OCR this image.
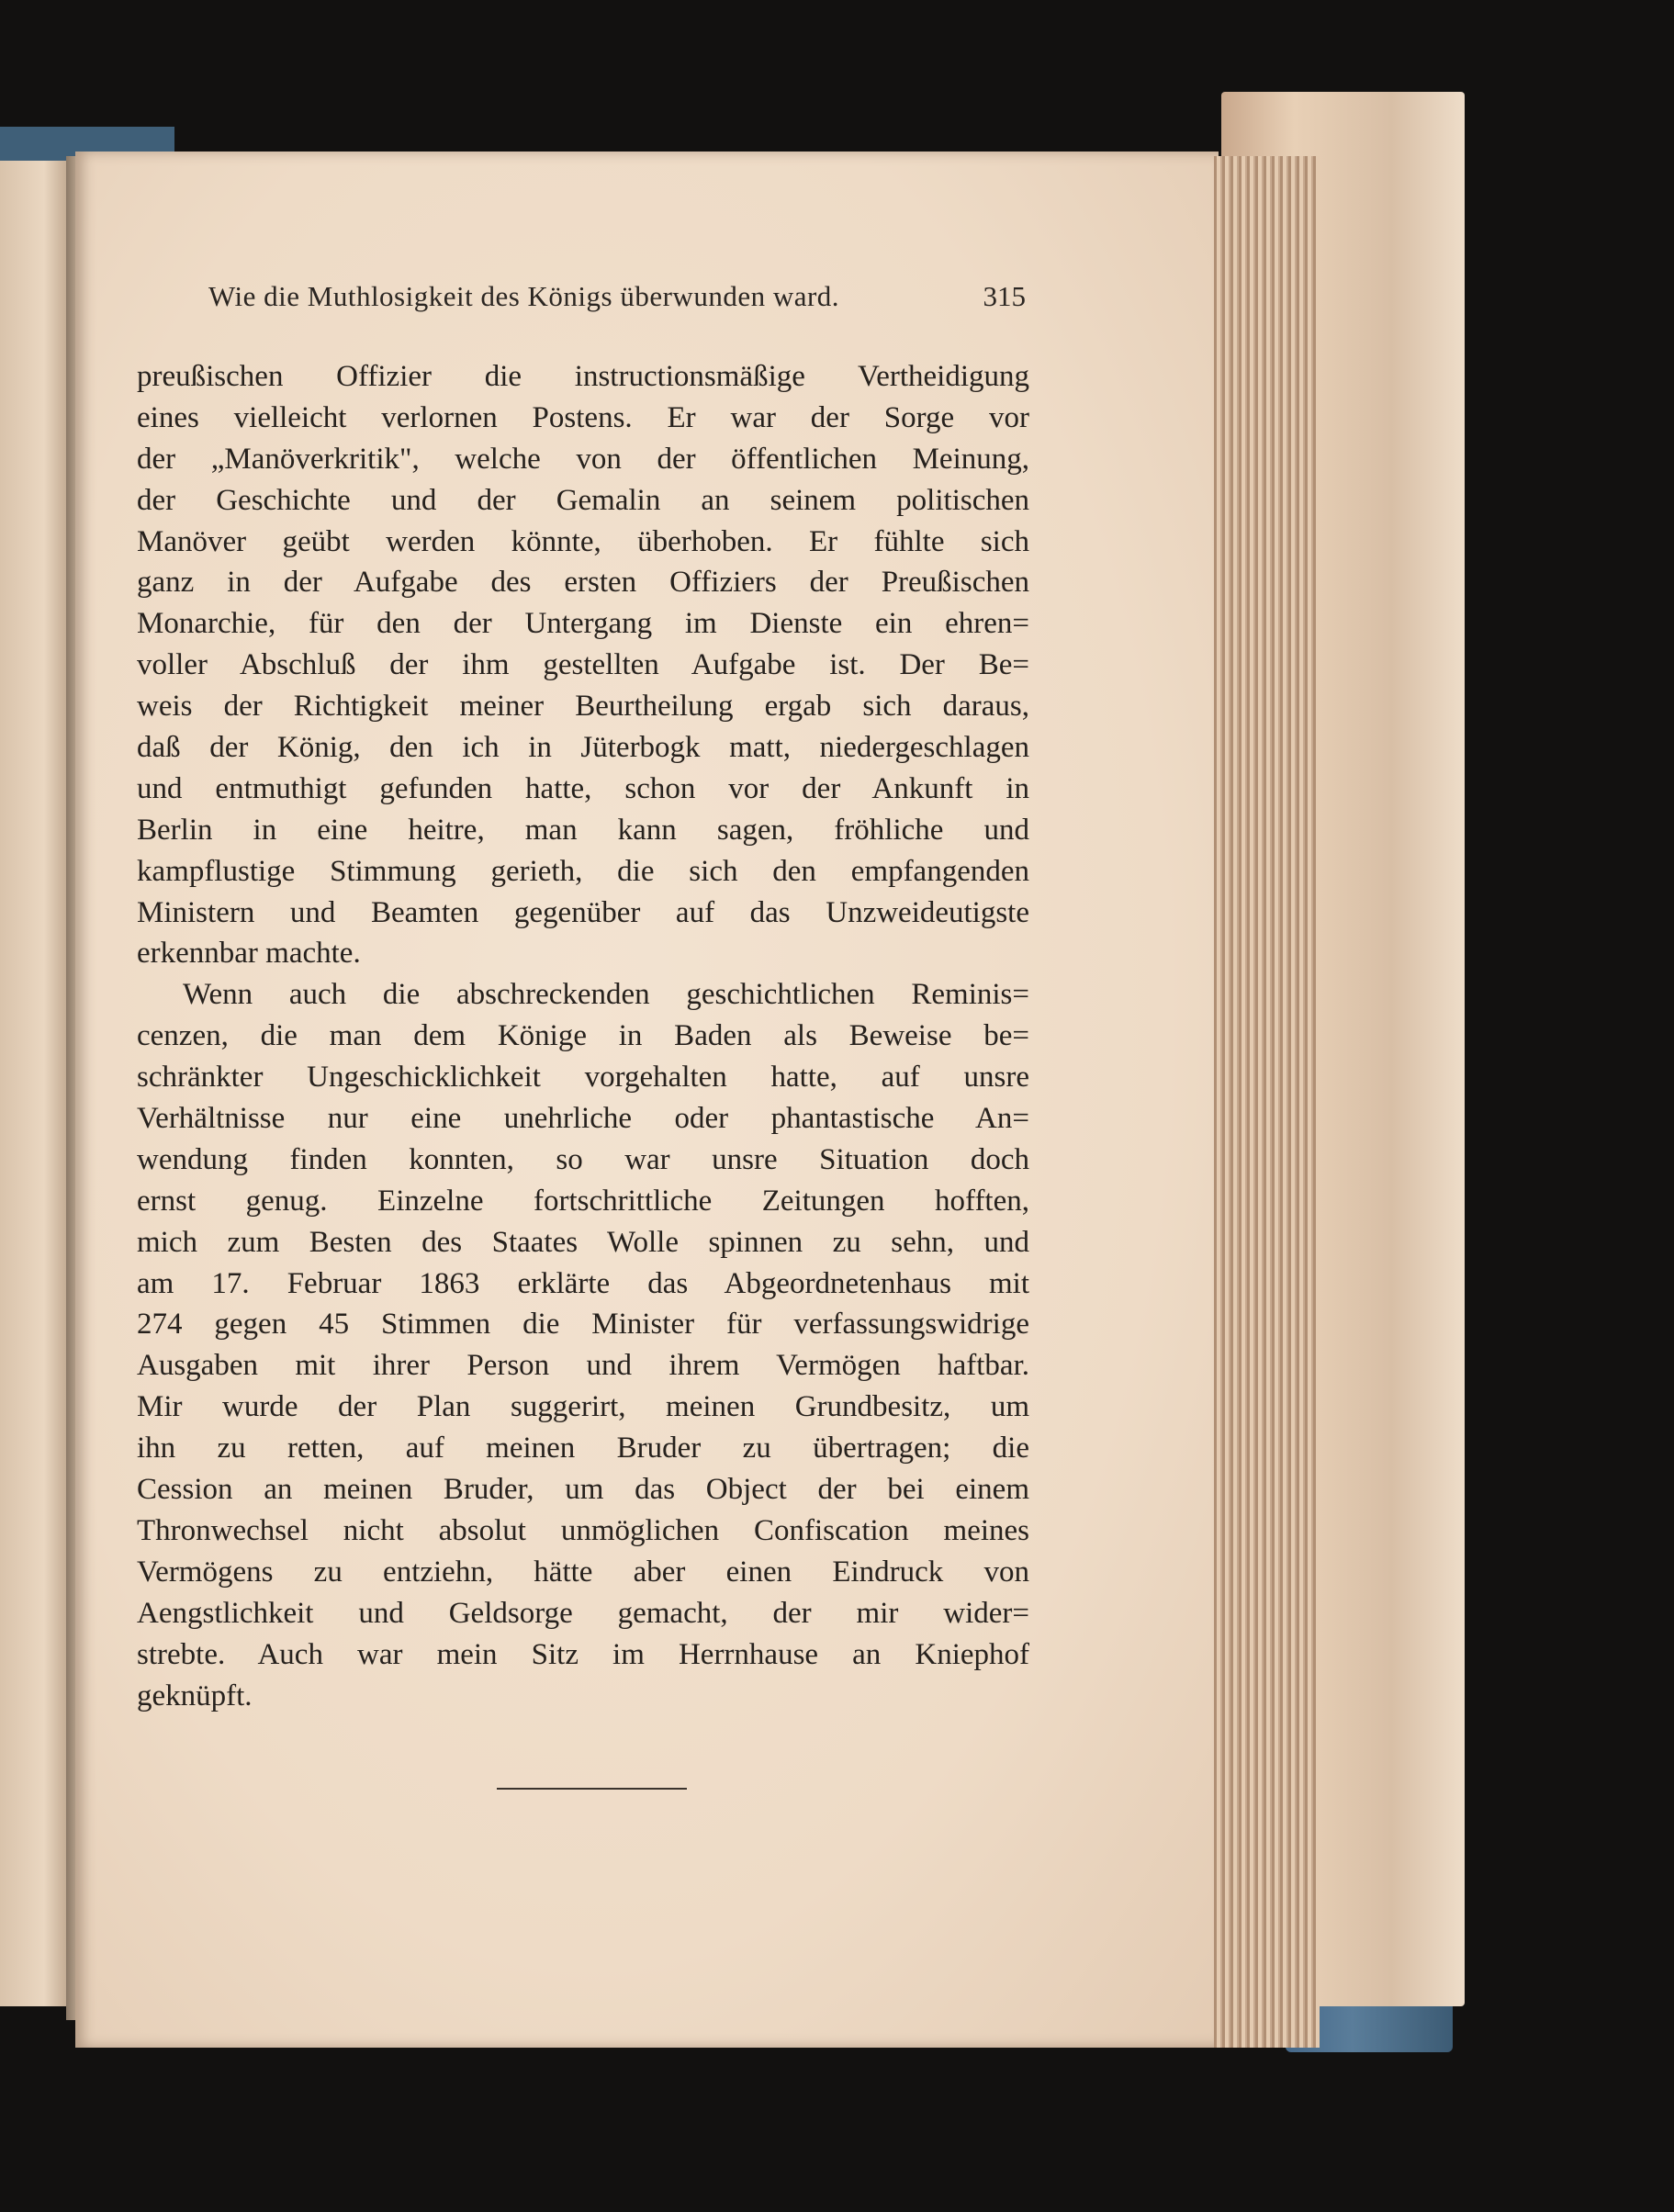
Wie die Muthlosigkeit des Königs überwunden ward.	315
preußischen Offizier die instructionsmäßige Vertheidigung
eines vielleicht verlornen Postens. Er war der Sorge vor
der „Manöverkritik", welche von der öffentlichen Meinung,
der Geschichte und der Gemalin an seinem politischen
Manöver geübt werden könnte, überhoben. Er fühlte sich
ganz in der Aufgabe des ersten Offiziers der Preußischen
Monarchie, für den der Untergang im Dienste ein ehren=
voller Abschluß der ihm gestellten Aufgabe ist. Der Be=
weis der Richtigkeit meiner Beurtheilung ergab sich daraus,
daß der König, den ich in Jüterbogk matt, niedergeschlagen
und entmuthigt gefunden hatte, schon vor der Ankunft in
Berlin in eine heitre, man kann sagen, fröhliche und
kampflustige Stimmung gerieth, die sich den empfangenden
Ministern und Beamten gegenüber auf das Unzweideutigste
erkennbar machte.
Wenn auch die abschreckenden geschichtlichen Reminis=
cenzen, die man dem Könige in Baden als Beweise be=
schränkter Ungeschicklichkeit vorgehalten hatte, auf unsre
Verhältnisse nur eine unehrliche oder phantastische An=
wendung finden konnten, so war unsre Situation doch
ernst genug. Einzelne fortschrittliche Zeitungen hofften,
mich zum Besten des Staates Wolle spinnen zu sehn, und
am 17. Februar 1863 erklärte das Abgeordnetenhaus mit
274 gegen 45 Stimmen die Minister für verfassungswidrige
Ausgaben mit ihrer Person und ihrem Vermögen haftbar.
Mir wurde der Plan suggerirt, meinen Grundbesitz, um
ihn zu retten, auf meinen Bruder zu übertragen; die
Cession an meinen Bruder, um das Object der bei einem
Thronwechsel nicht absolut unmöglichen Confiscation meines
Vermögens zu entziehn, hätte aber einen Eindruck von
Aengstlichkeit und Geldsorge gemacht, der mir wider=
strebte. Auch war mein Sitz im Herrnhause an Kniephof
geknüpft.
